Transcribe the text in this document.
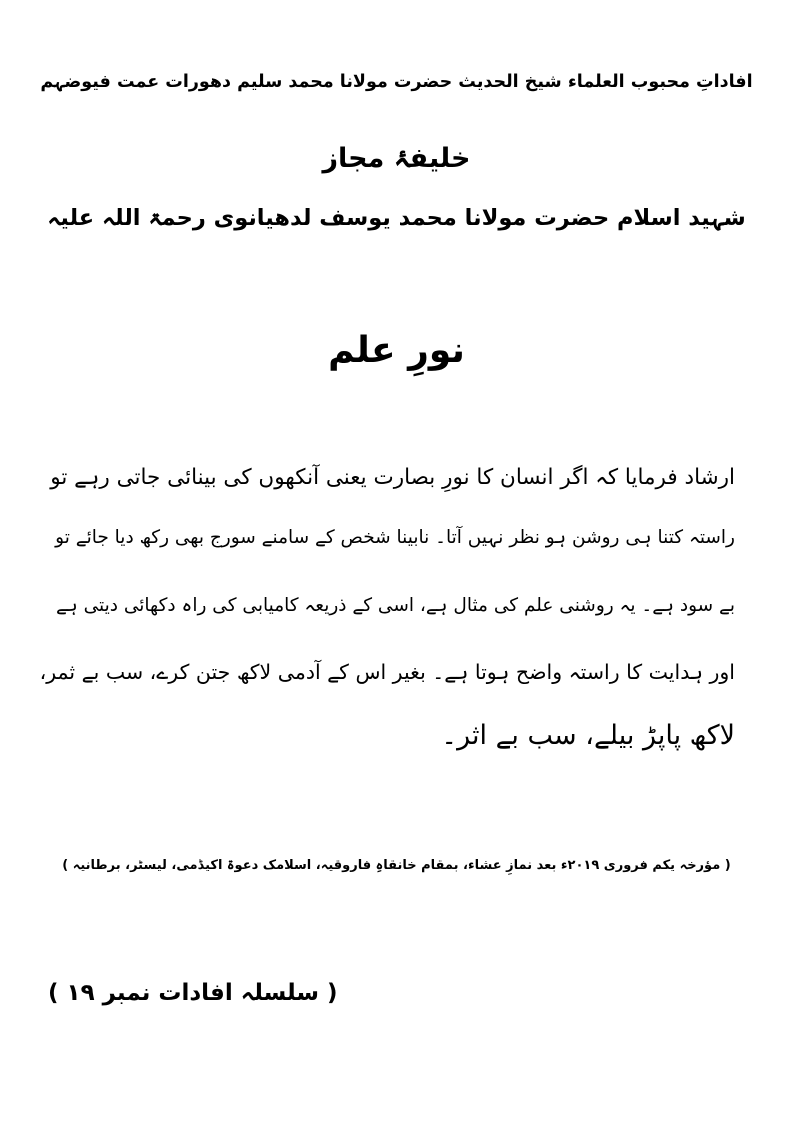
افاداتِ محبوب العلماء شیخ الحدیث حضرت مولانا محمد سلیم دھورات عمت فیوضہم
خلیفۂ مجاز
شہید اسلام حضرت مولانا محمد یوسف لدھیانوی رحمۃ اللہ علیہ
نورِ علم
ارشاد فرمایا کہ اگر انسان کا نورِ بصارت یعنی آنکھوں کی بینائی جاتی رہے تو
راستہ کتنا ہی روشن ہو نظر نہیں آتا۔ نابینا شخص کے سامنے سورج بھی رکھ دیا جائے تو
بے سود ہے۔ یہ روشنی علم کی مثال ہے، اسی کے ذریعہ کامیابی کی راہ دکھائی دیتی ہے
اور ہدایت کا راستہ واضح ہوتا ہے۔ بغیر اس کے آدمی لاکھ جتن کرے، سب بے ثمر،
لاکھ پاپڑ بیلے، سب بے اثر۔
( مؤرخہ یکم فروری ۲۰۱۹ء بعد نمازِ عشاء، بمقام خانقاہِ فاروقیہ، اسلامک دعوۃ اکیڈمی، لیسٹر، برطانیہ )
( سلسلہ افادات نمبر ۱۹ )
